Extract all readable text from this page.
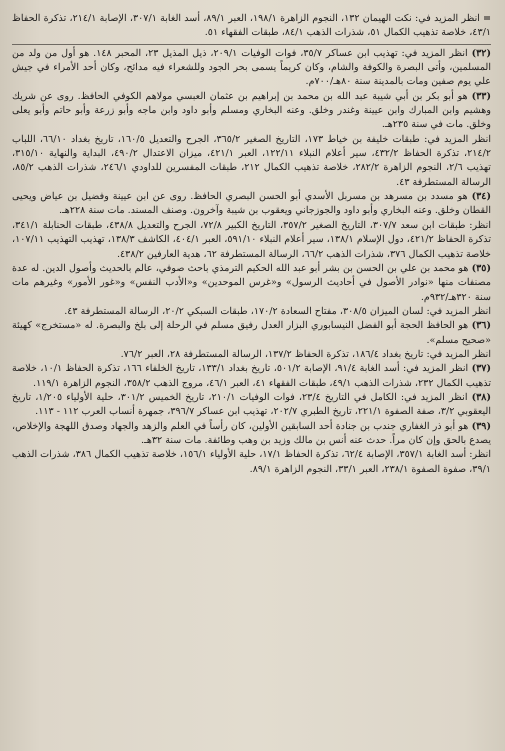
=انظر المزيد في: نكت الهيمان ١٣٢، النجوم الزاهرة ١٩٨/١، العبر ٨٩/١، أسد الغابة ٣٠٧/١، الإصابة ٢١٤/١، تذكرة الحفاظ ٤٣/١، خلاصة تذهيب الكمال ٥١، شذرات الذهب ٨٤/١، طبقات الفقهاء ٥١.
(٣٢) انظر المزيد في: تهذيب ابن عساكر ٣٥/٧، فوات الوفيات ٢٠٩/١، ذيل المذيل ٢٣، المحبر ١٤٨. هو أول من ولد من المسلمين، وأتى البصرة والكوفة والشام، وكان كريماً يسمى بحر الجود وللشعراء فيه مدائح، وكان أحد الأمراء في جيش علي يوم صفين ومات بالمدينة سنة ٨٠هـ/٧٠٠م.

(٣٣) هو أبو بكر بن أبي شيبة عبد الله بن محمد بن إبراهيم بن عثمان العبسي مولاهم الكوفي الحافظ. روى عن شريك وهشيم وابن المبارك وابن عيينة وغندر وخلق. وعنه البخاري ومسلم وأبو داود وابن ماجه وأبو زرعة وأبو حاتم وأبو يعلى وخلق. مات في سنة ٢٣٥هـ.

انظر المزيد في: طبقات خليفة بن خياط ١٧٣، التاريخ الصغير ٣٦٥/٢، الجرح والتعديل ١٦٠/٥، تاريخ بغداد ٦٦/١٠، اللباب ٢١٤/٢، تذكرة الحفاظ ٤٣٢/٢، سير أعلام النبلاء ١٢٢/١١، العبر ٤٢١/١، ميزان الاعتدال ٤٩٠/٢، البداية والنهاية ٣١٥/١٠، تهذيب ٢/٦، النجوم الزاهرة ٢٨٢/٢، خلاصة تذهيب الكمال ٢١٢، طبقات المفسرين للداودي ٢٤٦/١، شذرات الذهب ٨٥/٢، الرسالة المستطرفة ٤٣.

(٣٤) هو مسدد بن مسرهد بن مسربل الأسدي أبو الحسن البصري الحافظ. روى عن ابن عيينة وفضيل بن عياض ويحيى القطان وخلق. وعنه البخاري وأبو داود والجوزجاني ويعقوب بن شيبة وآخرون. وصنف المسند. مات سنة ٢٢٨هـ.

انظر: طبقات ابن سعد ٣٠٧/٧، التاريخ الصغير ٣٥٧/٢، التاريخ الكبير ٧٢/٨، الجرح والتعديل ٤٣٨/٨، طبقات الحنابلة ٣٤١/١، تذكرة الحفاظ ٤٢١/٢، دول الإسلام ١٣٨/١، سير أعلام النبلاء ٥٩١/١٠، العبر ٤٠٤/١، الكاشف ١٣٨/٣، تهذيب التهذيب ١٠٧/١١، خلاصة تذهيب الكمال ٣٧٦، شذرات الذهب ٦٦/٢، الرسالة المستطرفة ٦٢، هدية العارفين ٤٣٨/٢.

(٣٥) هو محمد بن علي بن الحسن بن بشر أبو عبد الله الحكيم الترمذي باحث صوفي، عالم بالحديث وأصول الدين. له عدة مصنفات منها «نوادر الأصول في أحاديث الرسول» و«غرس الموحدين» و«الأدب النفس» و«غور الأمور» وغيرهم مات سنة ٣٢٠هـ/٩٣٢م.

انظر المزيد في: لسان الميزان ٣٠٨/٥، مفتاح السعادة ١٧٠/٢، طبقات السبكي ٢٠/٢، الرسالة المستطرفة ٤٣.

(٣٦) هو الحافظ الحجة أبو الفضل النيسابوري البزار العدل رفيق مسلم في الرحلة إلى بلخ والبصرة. له «مستخرج» كهيئة «صحيح مسلم».

انظر المزيد في: تاريخ بغداد ١٨٦/٤، تذكرة الحفاظ ١٣٧/٢، الرسالة المستطرفة ٢٨، العبر ٧٦/٢.

(٣٧) انظر المزيد في: أسد الغابة ٩١/٤، الإصابة ٥٠١/٢، تاريخ بغداد ١٣٣/١، تاريخ الخلفاء ١٦٦، تذكرة الحفاظ ١٠/١، خلاصة تذهيب الكمال ٢٣٢، شذرات الذهب ٤٩/١، طبقات الفقهاء ٤١، العبر ٤٦/١، مروج الذهب ٣٥٨/٢، النجوم الزاهرة ١١٩/١.
(٣٨) انظر المزيد في: الكامل في التاريخ ٢٣/٤، فوات الوفيات ٢١٠/١، تاريخ الخميس ٣٠١/٢، حلية الأولياء ١/٢٠٥، تاريخ اليعقوبي ٣/٢، صفة الصفوة ٢٢١/١، تاريخ الطبري ٢٠٢/٧، تهذيب ابن عساكر ٣٩٦/٧، جمهرة أنساب العرب ١١٢ - ١١٣.

(٣٩) هو أبو ذر الغفاري جندب بن جنادة أحد السابقين الأولين، كان رأساً في العلم والزهد والجهاد وصدق اللهجة والإخلاص، يصدع بالحق وإن كان مراً. حدث عنه أنس بن مالك وزيد بن وهب وطائفة. مات سنة ٣٢هـ.

انظر: أسد الغابة ٣٥٧/١، الإصابة ٦٢/٤، تذكرة الحفاظ ١٧/١، حلية الأولياء ١٥٦/١، خلاصة تذهيب الكمال ٣٨٦، شذرات الذهب ٣٩/١، صفوة الصفوة ٢٣٨/١، العبر ٣٣/١، النجوم الزاهرة ٨٩/١.
